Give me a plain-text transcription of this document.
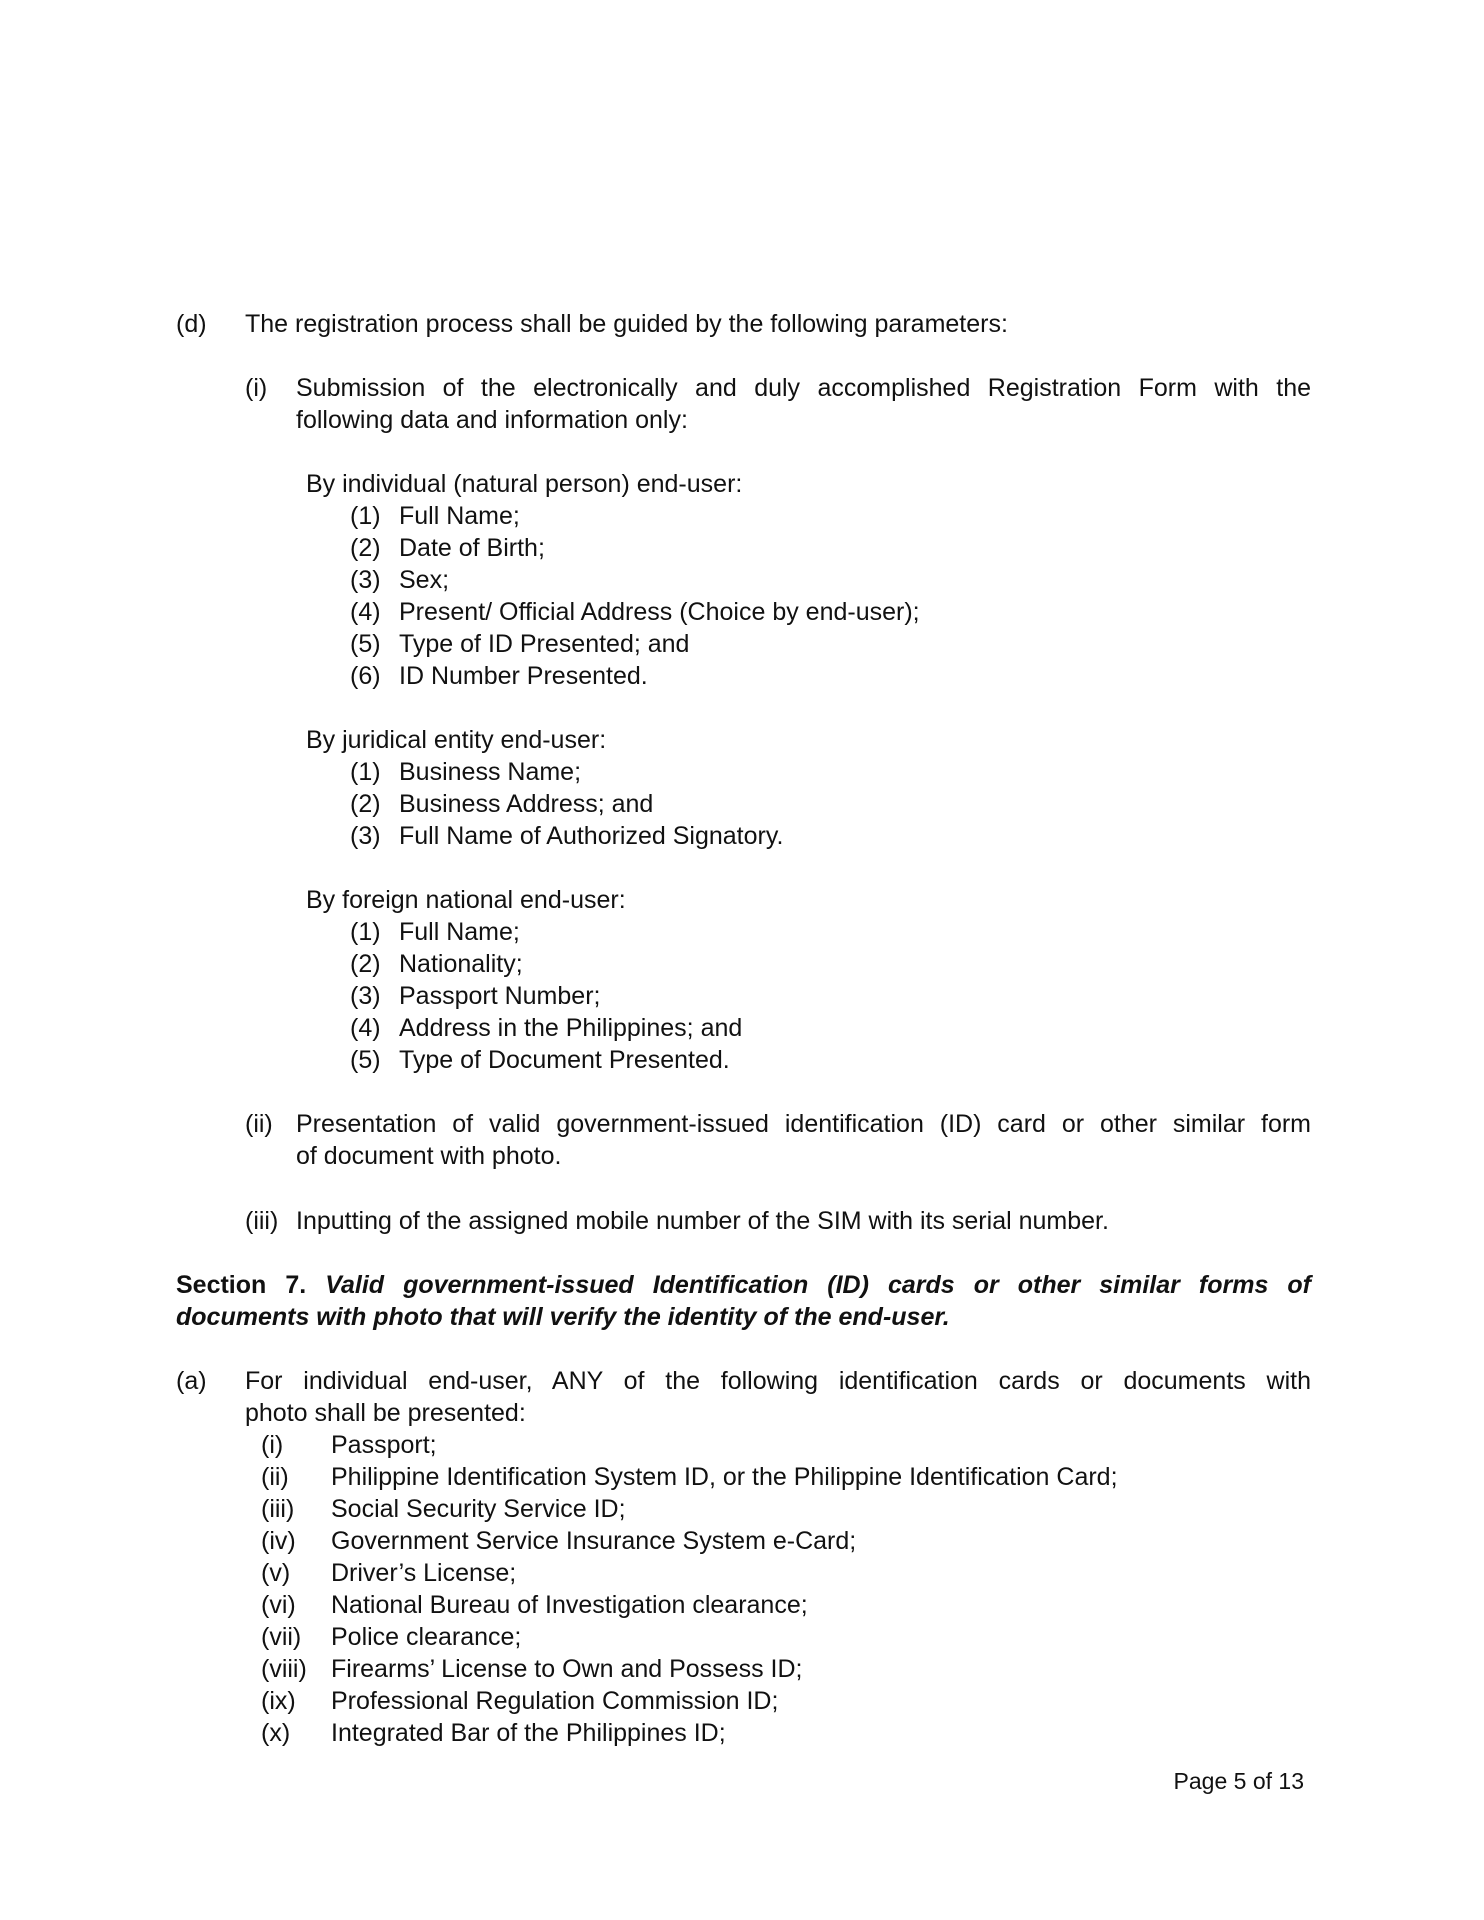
(d) The registration process shall be guided by the following parameters:
(i) Submission of the electronically and duly accomplished Registration Form with the
following data and information only:
By individual (natural person) end-user:
(1) Full Name;
(2) Date of Birth;
(3) Sex;
(4) Present/ Official Address (Choice by end-user);
(5) Type of ID Presented; and
(6) ID Number Presented.
By juridical entity end-user:
(1) Business Name;
(2) Business Address; and
(3) Full Name of Authorized Signatory.
By foreign national end-user:
(1) Full Name;
(2) Nationality;
(3) Passport Number;
(4) Address in the Philippines; and
(5) Type of Document Presented.
(ii) Presentation of valid government-issued identification (ID) card or other similar form
of document with photo.
(iii) Inputting of the assigned mobile number of the SIM with its serial number.
Section 7. Valid government-issued Identification (ID) cards or other similar forms of
documents with photo that will verify the identity of the end-user.
(a) For individual end-user, ANY of the following identification cards or documents with
photo shall be presented:
(i) Passport;
(ii) Philippine Identification System ID, or the Philippine Identification Card;
(iii) Social Security Service ID;
(iv) Government Service Insurance System e-Card;
(v) Driver’s License;
(vi) National Bureau of Investigation clearance;
(vii) Police clearance;
(viii) Firearms’ License to Own and Possess ID;
(ix) Professional Regulation Commission ID;
(x) Integrated Bar of the Philippines ID;
Page 5 of 13
